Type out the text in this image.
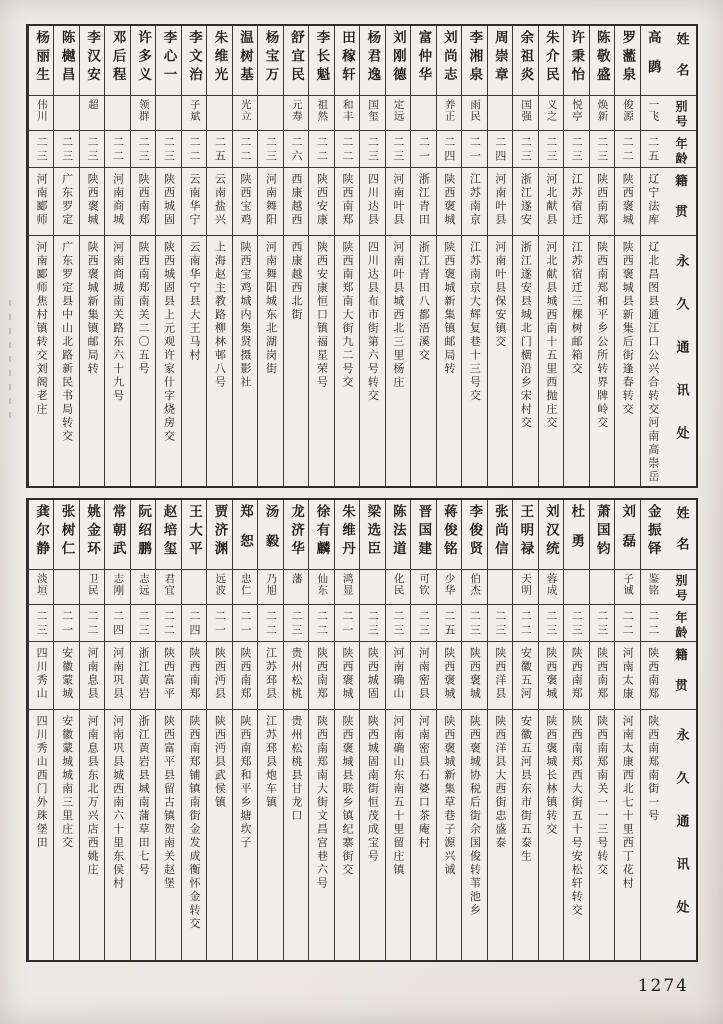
姓名
别号
年龄
籍贯
永久通讯处
高鹍
一飞
二五
辽宁法库
辽北昌图县通江口公兴合转交河南高崇岳
罗蘫泉
俊源
二二
陕西褒城
陕西褒城县新集后街逢春转交
陈敬盛
焕新
二三
陕西南郑
陕西南郑和平乡公所转界牌岭交
许秉怡
悦亭
二三
江苏宿迁
江苏宿迁三棵树邮箱交
朱介民
义之
二三
河北献县
河北献县城西南十五里西抛庄交
余祖炎
国强
二三
浙江遂安
浙江遂安县城北门横沿乡宋村交
周崇章
二四
河南叶县
河南叶县保安镇交
李湘泉
雨民
二一
江苏南京
江苏南京大辉复巷十三号交
刘尚志
养正
二四
陕西褒城
陕西褒城新集镇邮局转
富仲华
二一
浙江青田
浙江青田八都浯溪交
刘刚德
定远
二三
河南叶县
河南叶县城西北三里杨庄
杨君逸
国玺
二三
四川达县
四川达县布市街第六号转交
田稼轩
和丰
二二
陕西南郑
陕西南郑南大街九二号交
李长魁
祖然
二二
陕西安康
陕西安康恒口镇福星荣号
舒宜民
元寿
二六
西康越西
西康越西北街
杨宝万
二三
河南舞阳
河南舞阳城东北湖岗街
温树基
光立
二二
陕西宝鸡
陕西宝鸡城内集贤摄影社
朱维光
二五
云南盐兴
上海赵主教路柳林邨八号
李文治
子斌
二二
云南华宁
云南华宁县大王马村
李心一
二三
陕西城固
陕西城固县上元观许家什字烧房交
许多义
领群
二三
陕西南郑
陕西南郑南关二〇五号
邓后程
二二
河南商城
河南商城南关路东六十九号
李汉安
超
二三
陕西褒城
陕西褒城新集镇邮局转
陈樾昌
二三
广东罗定
广东罗定县中山北路新民书局转交
杨丽生
伟川
二三
河南郾师
河南郾师焦村镇转交刘阁老庄
姓名
别号
年龄
籍贯
永久通讯处
金振铎
鉴铭
二二
陕西南郑
陕西南郑南街一号
刘磊
子诚
二二
河南太康
河南太康西北七十里西丁花村
萧国钧
二三
陕西南郑
陕西南郑南关一一三号转交
杜勇
二三
陕西南郑
陕西南郑西大街五十号安松轩转交
刘汉统
蓉成
二三
陕西褒城
陕西褒城长林镇转交
王明禄
天明
二二
安徽五河
安徽五河县东市街五泰生
张尚信
二三
陕西洋县
陕西洋县大西街忠盛泰
李俊贤
伯杰
二三
陕西褒城
陕西褒城协税后街余国俊转苇池乡
蒋俊铭
少华
二五
陕西褒城
陕西褒城新集草巷子源兴诚
晋国建
可钦
二三
河南密县
河南密县石婆口茶庵村
陈法道
化民
二三
河南确山
河南确山东南五十里留庄镇
梁选臣
二三
陕西城固
陕西城固南街恒茂成宝号
朱维丹
鸿显
二一
陕西褒城
陕西褒城县联乡镇纪寨街交
徐有麟
仙东
二二
陕西南郑
陕西南郑南大街文昌宫巷六号
龙济华
藩
二三
贵州松桃
贵州松桃县甘龙口
汤毅
乃旭
二二
江苏邳县
江苏邳县炮车镇
郑恕
忠仁
二一
陕西南郑
陕西南郑和平乡塘坎子
贾济渊
远波
二一
陕西沔县
陕西沔县武侯镇
王大平
二四
陕西南郑
陕西南郑铺镇南街金发成衡怀金转交
赵培玺
君宜
二二
陕西富平
陕西富平县留古镇贺南关赵堡
阮绍鹏
志远
二三
浙江黄岩
浙江黄岩县城南蒲草田七号
常朝武
志刚
二四
河南巩县
河南巩县城西南六十里东侯村
姚金环
卫民
二二
河南息县
河南息县东北万兴店西姚庄
张树仁
二一
安徽蒙城
安徽蒙城城南三里庄交
龚尔静
淡垣
二三
四川秀山
四川秀山西门外珠堡田
1274
